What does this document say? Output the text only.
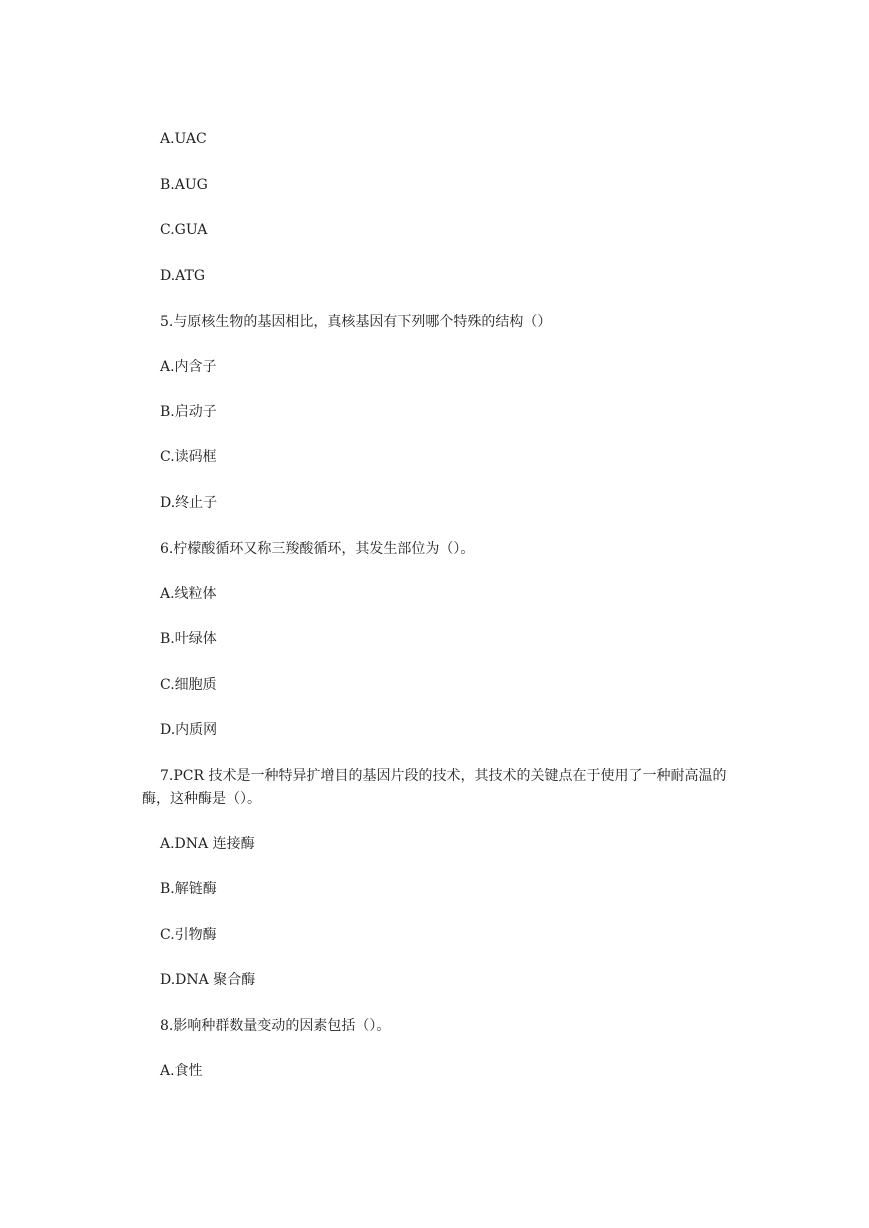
A.UAC
B.AUG
C.GUA
D.ATG
5.与原核生物的基因相比，真核基因有下列哪个特殊的结构（）
A.内含子
B.启动子
C.读码框
D.终止子
6.柠檬酸循环又称三羧酸循环，其发生部位为（）。
A.线粒体
B.叶绿体
C.细胞质
D.内质网
7.PCR 技术是一种特异扩增目的基因片段的技术，其技术的关键点在于使用了一种耐高温的酶，这种酶是（）。
A.DNA 连接酶
B.解链酶
C.引物酶
D.DNA 聚合酶
8.影响种群数量变动的因素包括（）。
A.食性
